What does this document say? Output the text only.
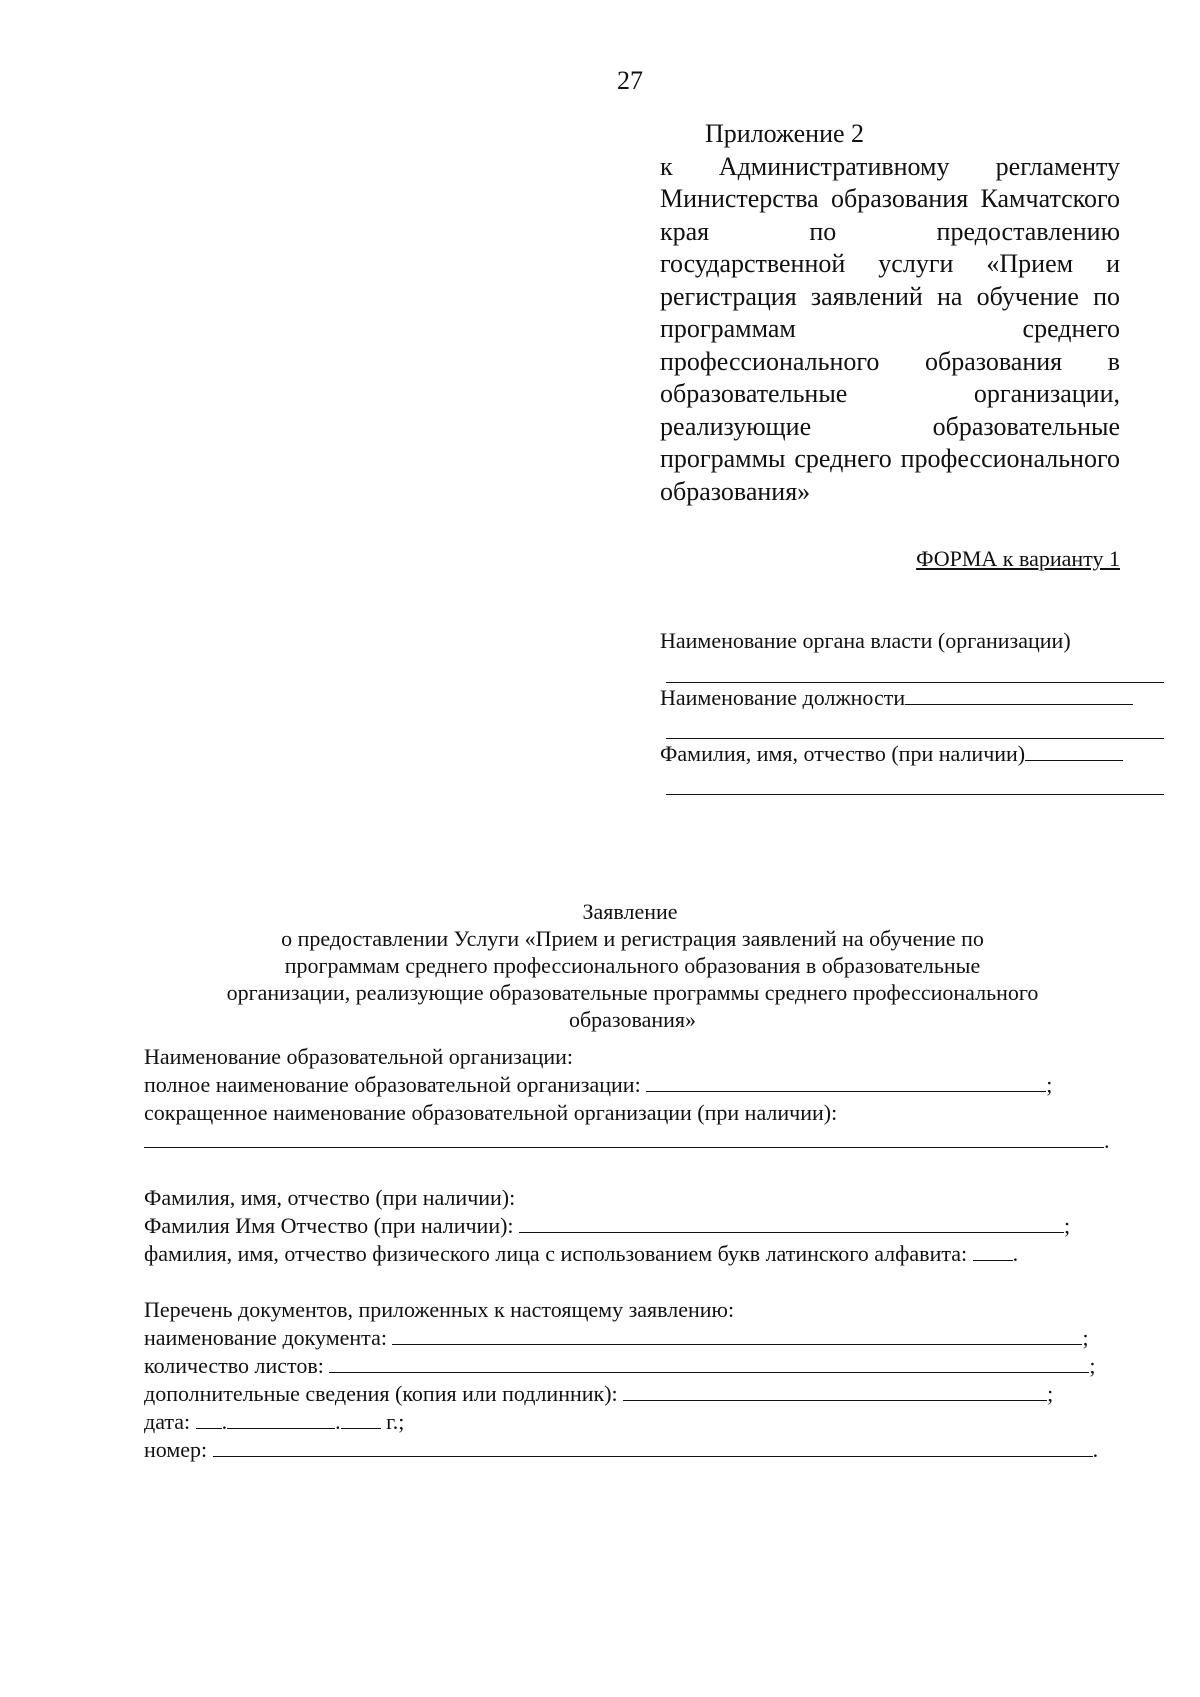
27
Приложение 2
к Административному регламенту Министерства образования Камчатского края по предоставлению государственной услуги «Прием и регистрация заявлений на обучение по программам среднего профессионального образования в образовательные организации, реализующие образовательные программы среднего профессионального образования»
ФОРМА к варианту 1
Наименование органа власти (организации)
Наименование должности
Фамилия, имя, отчество (при наличии)
Заявление
о предоставлении Услуги «Прием и регистрация заявлений на обучение по программам среднего профессионального образования в образовательные организации, реализующие образовательные программы среднего профессионального образования»
Наименование образовательной организации:
полное наименование образовательной организации:	;
сокращенное наименование образовательной организации (при наличии):
.
Фамилия, имя, отчество (при наличии):
Фамилия Имя Отчество (при наличии):	;
фамилия, имя, отчество физического лица с использованием букв латинского алфавита: .
Перечень документов, приложенных к настоящему заявлению:
наименование документа:	;
количество листов:	;
дополнительные сведения (копия или подлинник):	;
дата: .	. г.;
номер:	.
